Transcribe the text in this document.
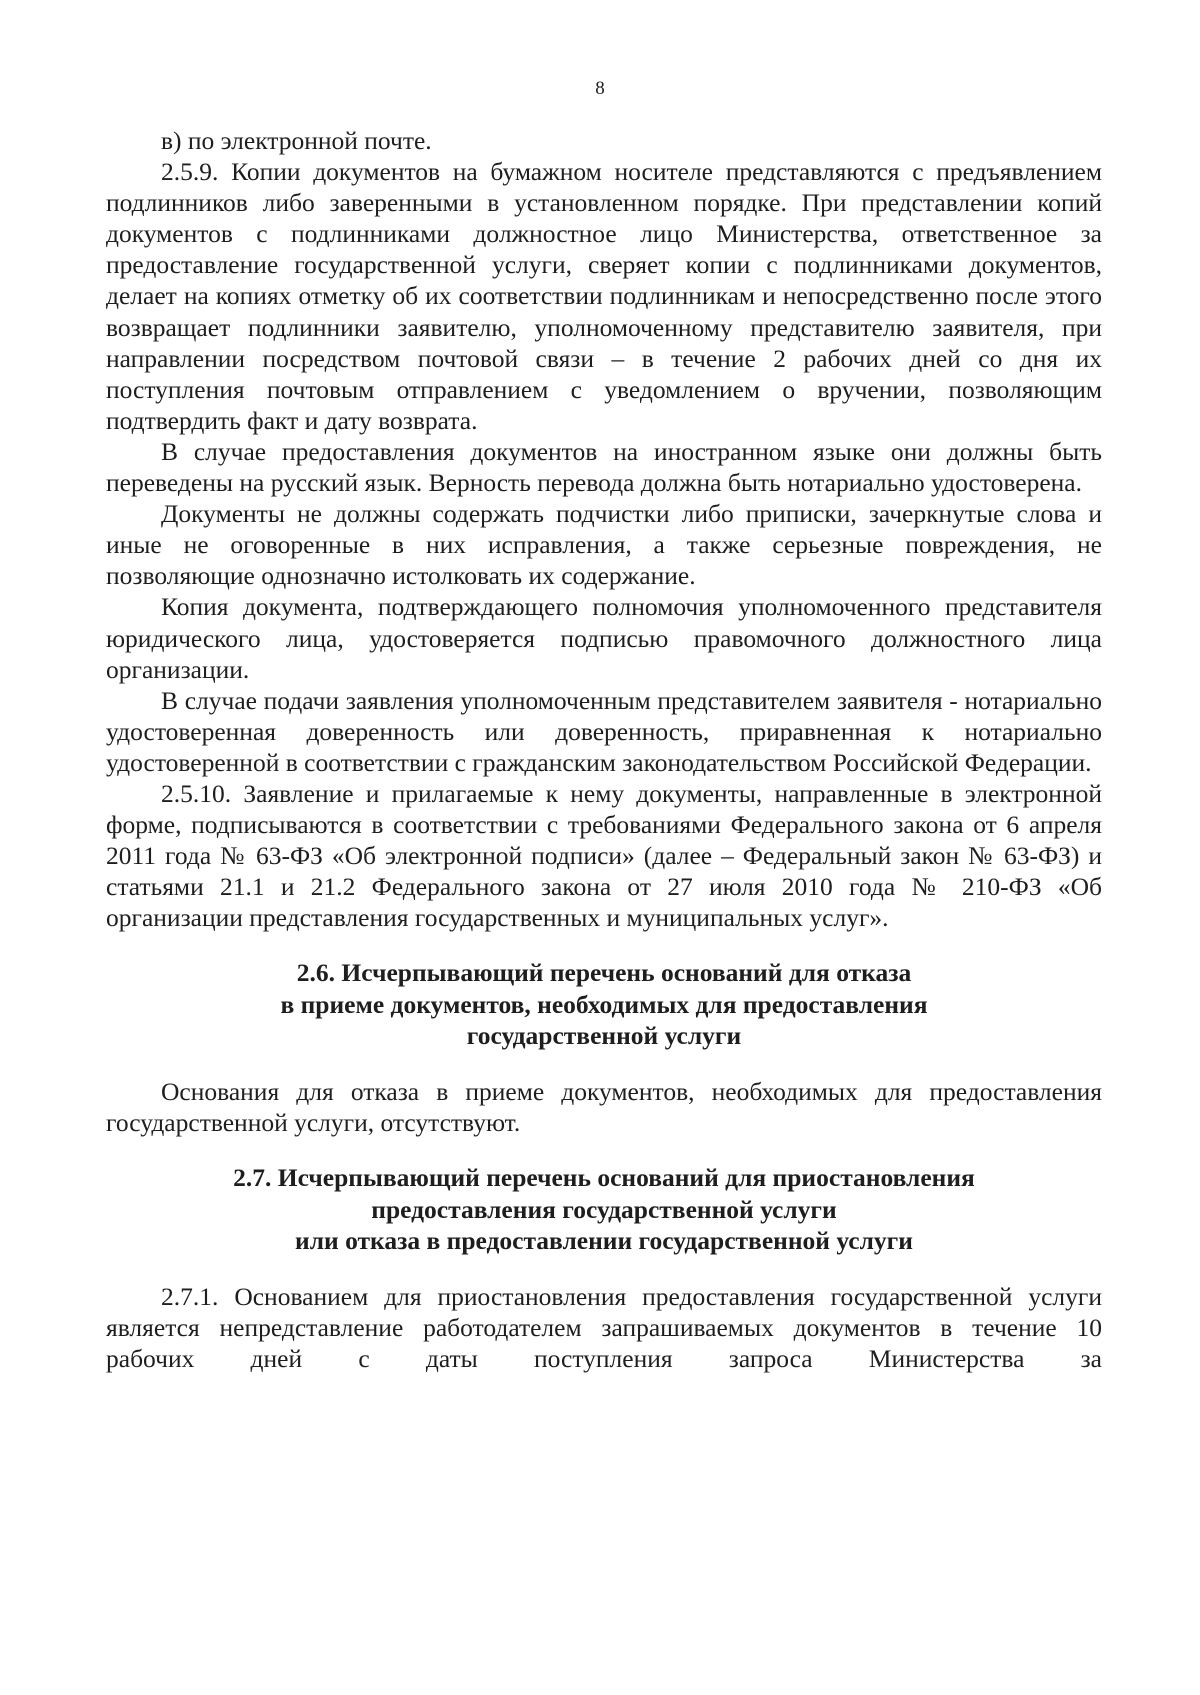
8

в) по электронной почте.

2.5.9. Копии документов на бумажном носителе представляются с предъявлением подлинников либо заверенными в установленном порядке. При представлении копий документов с подлинниками должностное лицо Министерства, ответственное за предоставление государственной услуги, сверяет копии с подлинниками документов, делает на копиях отметку об их соответствии подлинникам и непосредственно после этого возвращает подлинники заявителю, уполномоченному представителю заявителя, при направлении посредством почтовой связи – в течение 2 рабочих дней со дня их поступления почтовым отправлением с уведомлением о вручении, позволяющим подтвердить факт и дату возврата.

В случае предоставления документов на иностранном языке они должны быть переведены на русский язык. Верность перевода должна быть нотариально удостоверена.

Документы не должны содержать подчистки либо приписки, зачеркнутые слова и иные не оговоренные в них исправления, а также серьезные повреждения, не позволяющие однозначно истолковать их содержание.

Копия документа, подтверждающего полномочия уполномоченного представителя юридического лица, удостоверяется подписью правомочного должностного лица организации.

В случае подачи заявления уполномоченным представителем заявителя - нотариально удостоверенная доверенность или доверенность, приравненная к нотариально удостоверенной в соответствии с гражданским законодательством Российской Федерации.

2.5.10. Заявление и прилагаемые к нему документы, направленные в электронной форме, подписываются в соответствии с требованиями Федерального закона от 6 апреля 2011 года № 63-ФЗ «Об электронной подписи» (далее – Федеральный закон № 63-ФЗ) и статьями 21.1 и 21.2 Федерального закона от 27 июля 2010 года № 210-ФЗ «Об организации представления государственных и муниципальных услуг».

2.6. Исчерпывающий перечень оснований для отказа
в приеме документов, необходимых для предоставления
государственной услуги

Основания для отказа в приеме документов, необходимых для предоставления государственной услуги, отсутствуют.

2.7. Исчерпывающий перечень оснований для приостановления
предоставления государственной услуги
или отказа в предоставлении государственной услуги

2.7.1. Основанием для приостановления предоставления государственной услуги является непредставление работодателем запрашиваемых документов в течение 10 рабочих дней с даты поступления запроса Министерства за
